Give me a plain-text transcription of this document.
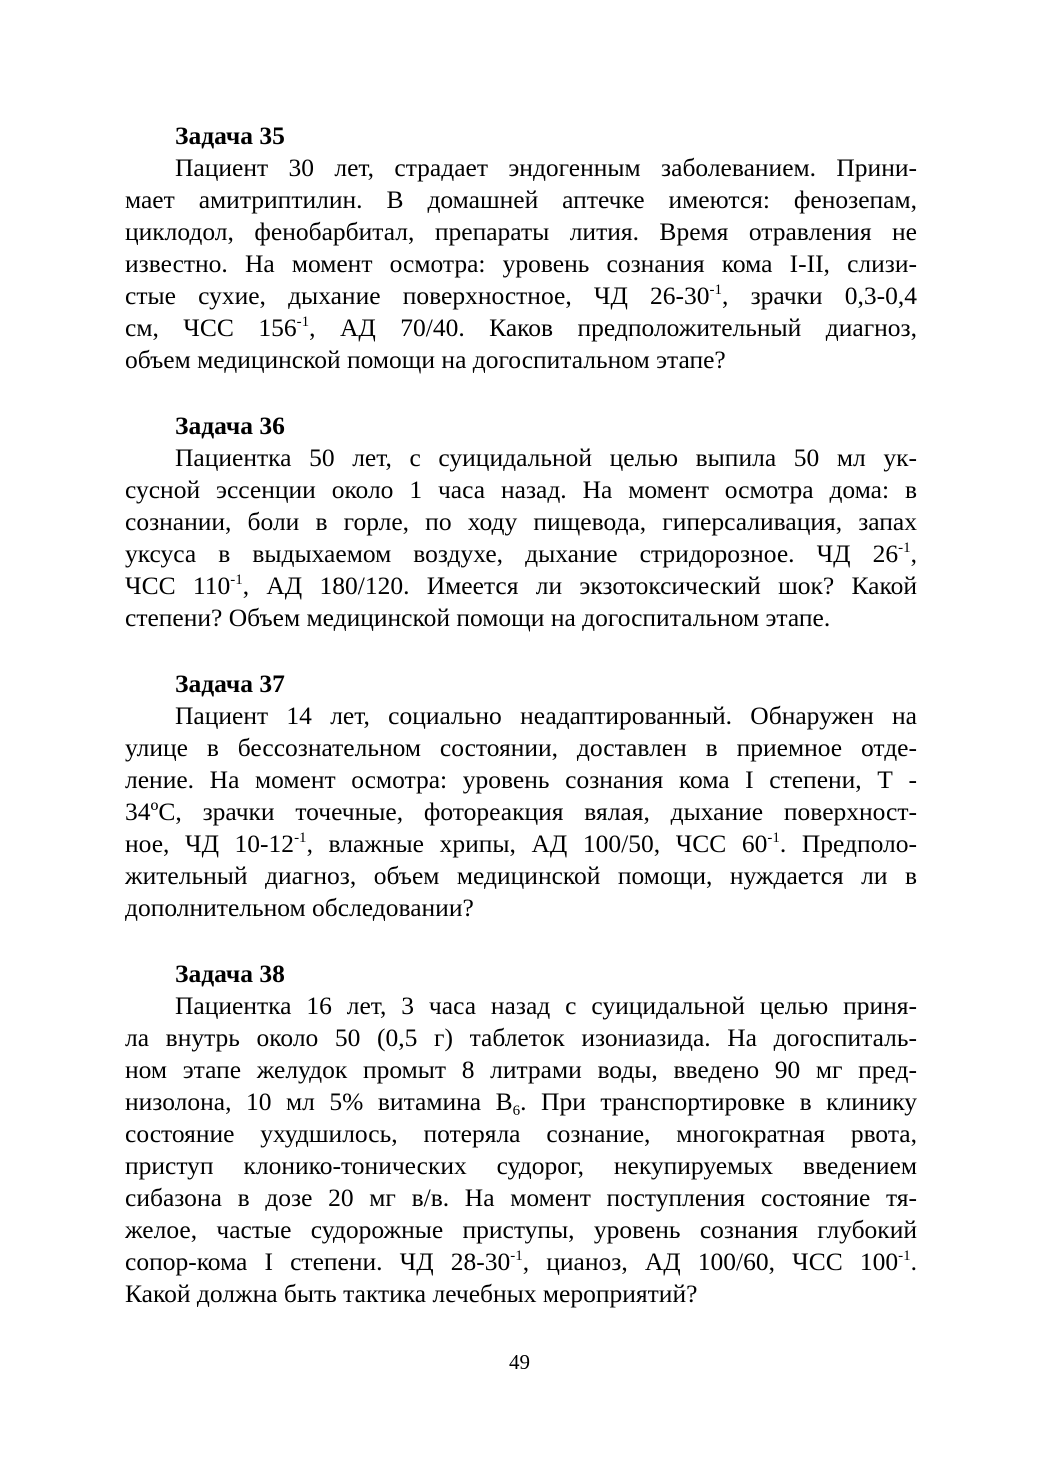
Задача 35
Пациент 30 лет, страдает эндогенным заболеванием. Прини-
мает амитриптилин. В домашней аптечке имеются: фенозепам,
циклодол, фенобарбитал, препараты лития. Время отравления не
известно. На момент осмотра: уровень сознания кома I-II, слизи-
стые сухие, дыхание поверхностное, ЧД $26-30^{-1}$, зрачки 0,3-0,4
см, ЧСС $156^{-1}$, АД 70/40. Каков предположительный диагноз,
объем медицинской помощи на догоспитальном этапе?
Задача 36
Пациентка 50 лет, с суицидальной целью выпила 50 мл ук-
сусной эссенции около 1 часа назад. На момент осмотра дома: в
сознании, боли в горле, по ходу пищевода, гиперсаливация, запах
уксуса в выдыхаемом воздухе, дыхание стридорозное. ЧД $26^{-1}$,
ЧСС $110^{-1}$, АД 180/120. Имеется ли экзотоксический шок? Какой
степени? Объем медицинской помощи на догоспитальном этапе.
Задача 37
Пациент 14 лет, социально неадаптированный. Обнаружен на
улице в бессознательном состоянии, доставлен в приемное отде-
ление. На момент осмотра: уровень сознания кома I степени, Т -
34ºС, зрачки точечные, фотореакция вялая, дыхание поверхност-
ное, ЧД $10-12^{-1}$, влажные хрипы, АД 100/50, ЧСС $60^{-1}$. Предполо-
жительный диагноз, объем медицинской помощи, нуждается ли в
дополнительном обследовании?
Задача 38
Пациентка 16 лет, 3 часа назад с суицидальной целью приня-
ла внутрь около 50 (0,5 г) таблеток изониазида. На догоспиталь-
ном этапе желудок промыт 8 литрами воды, введено 90 мг пред-
низолона, 10 мл 5% витамина $В_6$. При транспортировке в клинику
состояние ухудшилось, потеряла сознание, многократная рвота,
приступ клонико-тонических судорог, некупируемых введением
сибазона в дозе 20 мг в/в. На момент поступления состояние тя-
желое, частые судорожные приступы, уровень сознания глубокий
сопор-кома I степени. ЧД $28-30^{-1}$, цианоз, АД 100/60, ЧСС $100^{-1}$.
Какой должна быть тактика лечебных мероприятий?
49
